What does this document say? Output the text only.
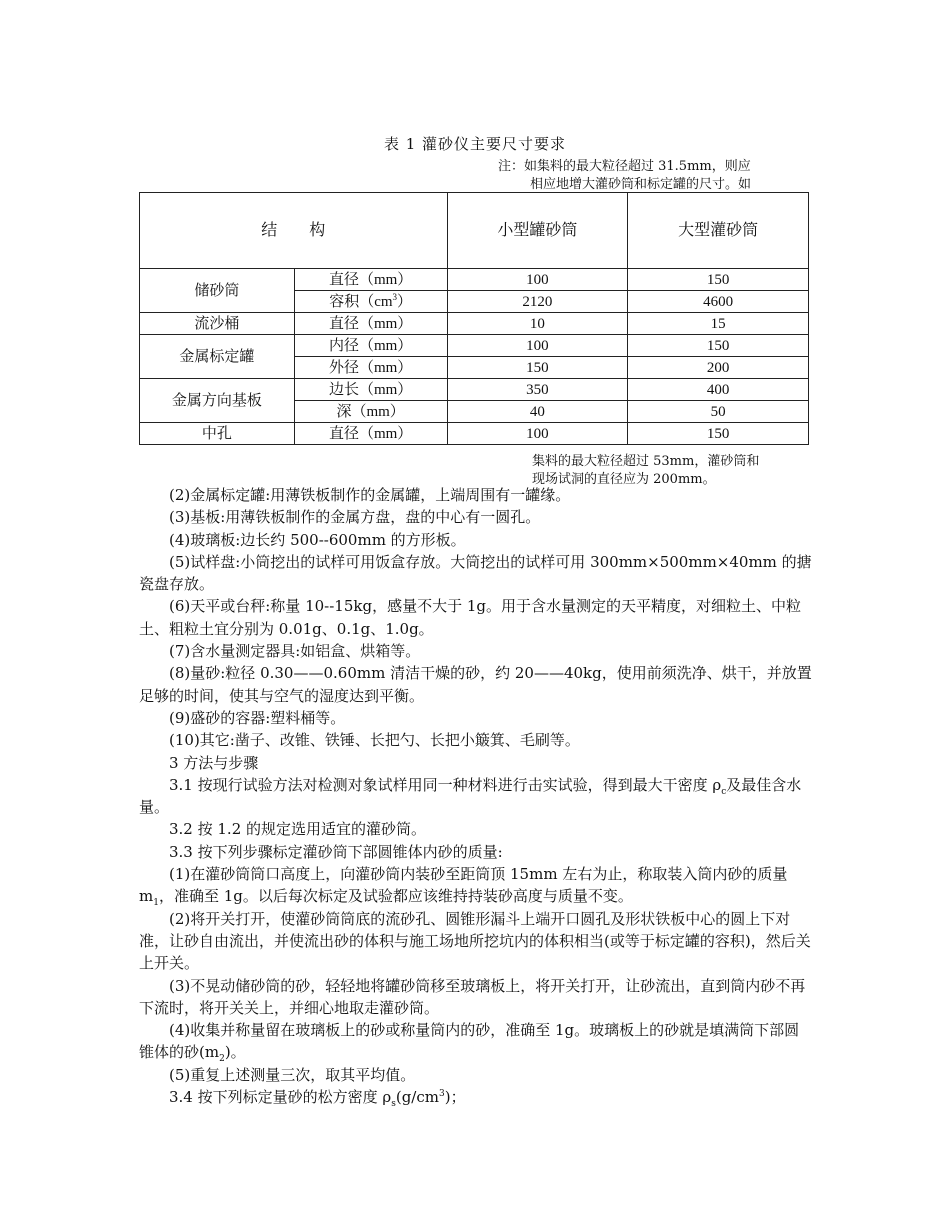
表 1 灌砂仪主要尺寸要求
注：如集料的最大粒径超过 31.5mm，则应
相应地增大灌砂筒和标定罐的尺寸。如
结　　构		小型罐砂筒	大型灌砂筒
储砂筒	直径（mm）	100	150
	容积$(cm^3)$	2120	4600
流沙桶	直径（mm）	10	15
金属标定罐	内径（mm）	100	150
	外径（mm）	150	200
金属方向基板	边长（mm）	350	400
	深（mm）	40	50
中孔	直径（mm）	100	150
集料的最大粒径超过 53mm，灌砂筒和
现场试洞的直径应为 200mm。

(2)金属标定罐:用薄铁板制作的金属罐，上端周围有一罐缘。

(3)基板:用薄铁板制作的金属方盘，盘的中心有一圆孔。

(4)玻璃板:边长约 500--600mm 的方形板。

(5)试样盘:小筒挖出的试样可用饭盒存放。大筒挖出的试样可用 300mm×500mm×40mm 的搪瓷盘存放。

(6)天平或台秤:称量 10--15kg，感量不大于 1g。用于含水量测定的天平精度，对细粒土、中粒土、粗粒土宜分别为 0.01g、0.1g、1.0g。

(7)含水量测定器具:如铝盒、烘箱等。

(8)量砂:粒径 0.30——0.60mm 清洁干燥的砂，约 20——40kg，使用前须洗净、烘干，并放置足够的时间，使其与空气的湿度达到平衡。

(9)盛砂的容器:塑料桶等。

(10)其它:凿子、改锥、铁锤、长把勺、长把小簸箕、毛刷等。

3 方法与步骤

3.1 按现行试验方法对检测对象试样用同一种材料进行击实试验，得到最大干密度 $\rho_c$及最佳含水量。

3.2 按 1.2 的规定选用适宜的灌砂筒。

3.3 按下列步骤标定灌砂筒下部圆锥体内砂的质量:

(1)在灌砂筒筒口高度上，向灌砂筒内装砂至距筒顶 15mm 左右为止，称取装入筒内砂的质量 $m_1$，准确至 1g。以后每次标定及试验都应该维持持装砂高度与质量不变。

(2)将开关打开，使灌砂筒筒底的流砂孔、圆锥形漏斗上端开口圆孔及形状铁板中心的圆上下对准，让砂自由流出，并使流出砂的体积与施工场地所挖坑内的体积相当(或等于标定罐的容积)，然后关上开关。

(3)不晃动储砂筒的砂，轻轻地将罐砂筒移至玻璃板上，将开关打开，让砂流出，直到筒内砂不再下流时，将开关关上，并细心地取走灌砂筒。

(4)收集并称量留在玻璃板上的砂或称量筒内的砂，准确至 1g。玻璃板上的砂就是填满筒下部圆锥体的砂$(m_2)$。

(5)重复上述测量三次，取其平均值。

3.4 按下列标定量砂的松方密度 $\rho_s(g/cm^3)$；
